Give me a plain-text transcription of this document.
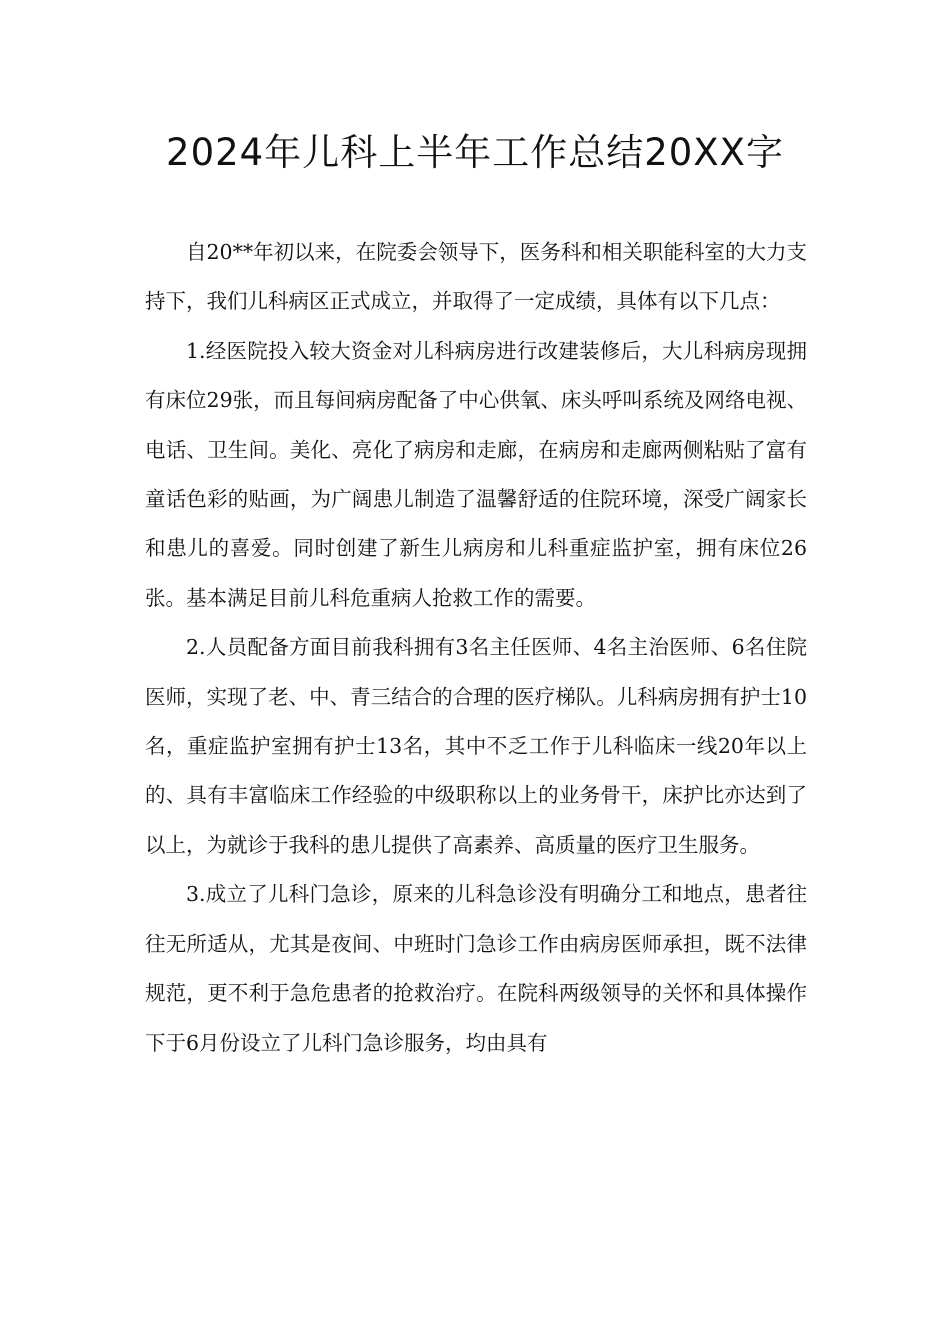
2024年儿科上半年工作总结20XX字

自20**年初以来，在院委会领导下，医务科和相关职能科室的大力支持下，我们儿科病区正式成立，并取得了一定成绩，具体有以下几点：

1.经医院投入较大资金对儿科病房进行改建装修后，大儿科病房现拥有床位29张，而且每间病房配备了中心供氧、床头呼叫系统及网络电视、电话、卫生间。美化、亮化了病房和走廊，在病房和走廊两侧粘贴了富有童话色彩的贴画，为广阔患儿制造了温馨舒适的住院环境，深受广阔家长和患儿的喜爱。同时创建了新生儿病房和儿科重症监护室，拥有床位26张。基本满足目前儿科危重病人抢救工作的需要。

2.人员配备方面目前我科拥有3名主任医师、4名主治医师、6名住院医师，实现了老、中、青三结合的合理的医疗梯队。儿科病房拥有护士10名，重症监护室拥有护士13名，其中不乏工作于儿科临床一线20年以上的、具有丰富临床工作经验的中级职称以上的业务骨干，床护比亦达到了以上，为就诊于我科的患儿提供了高素养、高质量的医疗卫生服务。

3.成立了儿科门急诊，原来的儿科急诊没有明确分工和地点，患者往往无所适从，尤其是夜间、中班时门急诊工作由病房医师承担，既不法律规范，更不利于急危患者的抢救治疗。在院科两级领导的关怀和具体操作下于6月份设立了儿科门急诊服务，均由具有
